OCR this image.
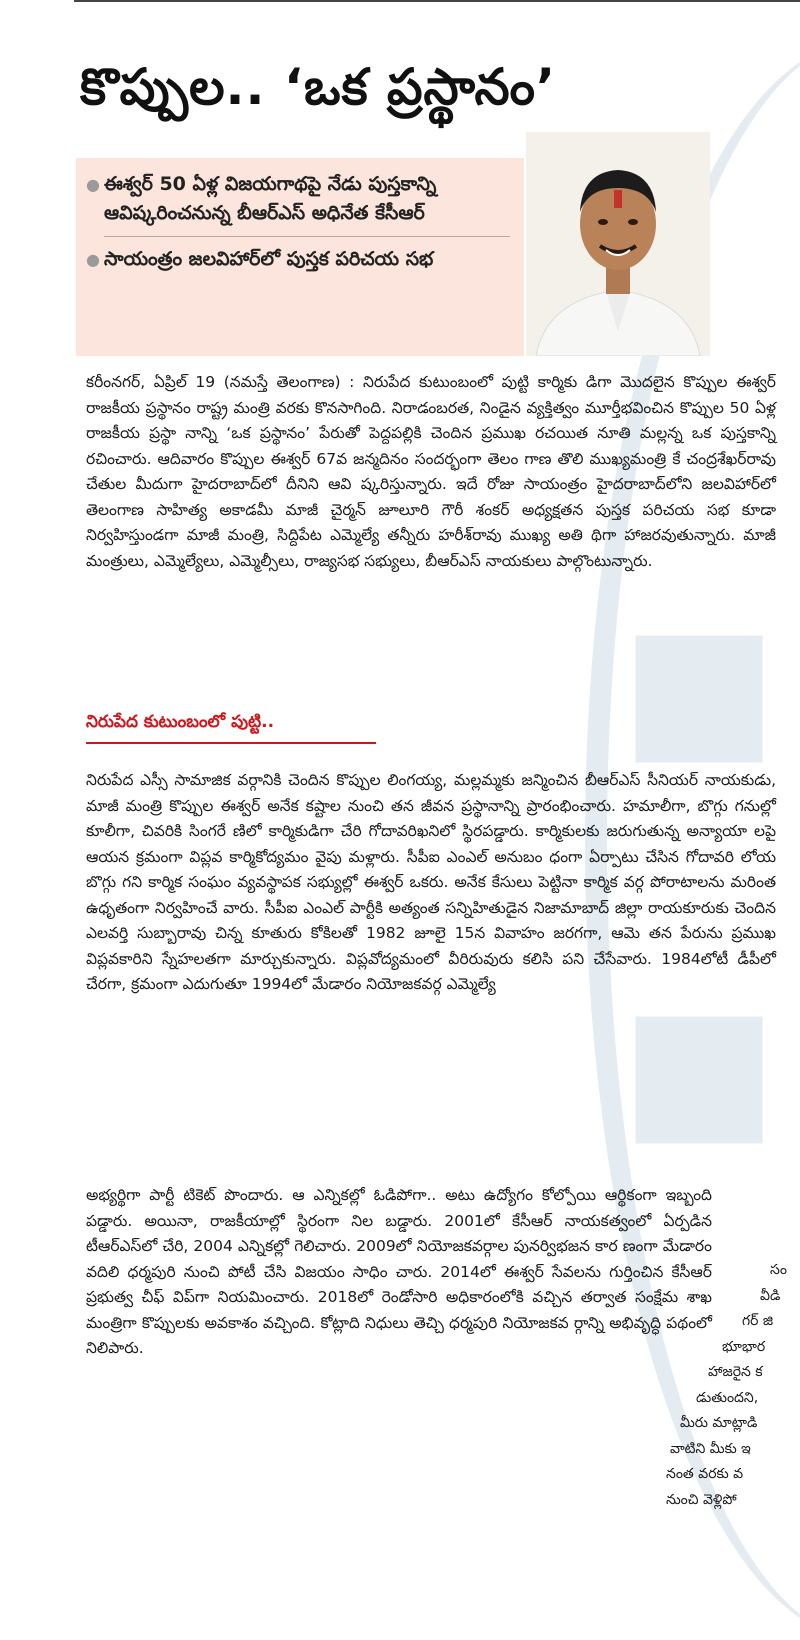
కొప్పుల.. ‘ఒక ప్రస్థానం’
● ఈశ్వర్ 50 ఏళ్ల విజయగాథపై నేడు పుస్తకాన్ని ఆవిష్కరించనున్న బీఆర్ఎస్ అధినేత కేసీఆర్
● సాయంత్రం జలవిహార్‌లో పుస్తక పరిచయ సభ

కరీంనగర్, ఏప్రిల్ 19 (నమస్తే తెలంగాణ) : నిరుపేద కుటుంబంలో పుట్టి కార్మికు డిగా మొదలైన కొప్పుల ఈశ్వర్ రాజకీయ ప్రస్థానం రాష్ట్ర మంత్రి వరకు కొనసాగింది. నిరాడంబరత, నిండైన వ్యక్తిత్వం మూర్తీభవించిన కొప్పుల 50 ఏళ్ల రాజకీయ ప్రస్థా నాన్ని ‘ఒక ప్రస్థానం’ పేరుతో పెద్దపల్లికి చెందిన ప్రముఖ రచయిత నూతి మల్లన్న ఒక పుస్తకాన్ని రచించారు. ఆదివారం కొప్పుల ఈశ్వర్ 67వ జన్మదినం సందర్భంగా తెలం గాణ తొలి ముఖ్యమంత్రి కే చంద్రశేఖర్‌రావు చేతుల మీదుగా హైదరాబాద్‌లో దీనిని ఆవి ష్కరిస్తున్నారు. ఇదే రోజు సాయంత్రం హైదరాబాద్‌లోని జలవిహార్‌లో తెలంగాణ సాహిత్య అకాడమీ మాజీ చైర్మన్ జూలూరి గౌరీ శంకర్ అధ్యక్షతన పుస్తక పరిచయ సభ కూడా నిర్వహిస్తుండగా మాజీ మంత్రి, సిద్దిపేట ఎమ్మెల్యే తన్నీరు హరీశ్‌రావు ముఖ్య అతి థిగా హాజరవుతున్నారు. మాజీ మంత్రులు, ఎమ్మెల్యేలు, ఎమ్మెల్సీలు, రాజ్యసభ సభ్యులు, బీఆర్ఎస్ నాయకులు పాల్గొంటున్నారు.

నిరుపేద కుటుంబంలో పుట్టి..

నిరుపేద ఎస్సీ సామాజిక వర్గానికి చెందిన కొప్పుల లింగయ్య, మల్లమ్మకు జన్మించిన బీఆర్ఎస్ సీనియర్ నాయకుడు, మాజీ మంత్రి కొప్పుల ఈశ్వర్ అనేక కష్టాల నుంచి తన జీవన ప్రస్థానాన్ని ప్రారంభించారు. హమాలీగా, బొగ్గు గనుల్లో కూలీగా, చివరికి సింగరే ణిలో కార్మికుడిగా చేరి గోదావరిఖనిలో స్థిరపడ్డారు. కార్మికులకు జరుగుతున్న అన్యాయా లపై ఆయన క్రమంగా విప్లవ కార్మికోద్యమం వైపు మళ్లారు. సీపీఐ ఎంఎల్ అనుబం ధంగా ఏర్పాటు చేసిన గోదావరి లోయ బొగ్గు గని కార్మిక సంఘం వ్యవస్థాపక సభ్యుల్లో ఈశ్వర్ ఒకరు. అనేక కేసులు పెట్టినా కార్మిక వర్గ పోరాటాలను మరింత ఉధృతంగా నిర్వహించే వారు. సీపీఐ ఎంఎల్ పార్టీకి అత్యంత సన్నిహితుడైన నిజామాబాద్ జిల్లా రాయకూరుకు చెందిన ఎలవర్తి సుబ్బారావు చిన్న కూతురు కోకిలతో 1982 జూలై 15న వివాహం జరగగా, ఆమె తన పేరును ప్రముఖ విప్లవకారిని స్నేహలతగా మార్చుకున్నారు. విప్లవోద్యమంలో వీరిరువురు కలిసి పని చేసేవారు. 1984లోటీ డీపీలో చేరగా, క్రమంగా ఎదుగుతూ 1994లో మేడారం నియోజకవర్గ ఎమ్మెల్యే

అభ్యర్థిగా పార్టీ టికెట్ పొందారు. ఆ ఎన్నికల్లో ఓడిపోగా.. అటు ఉద్యోగం కోల్పోయి ఆర్థికంగా ఇబ్బంది పడ్డారు. అయినా, రాజకీయాల్లో స్థిరంగా నిల బడ్డారు. 2001లో కేసీఆర్ నాయకత్వంలో ఏర్పడిన టీఆర్ఎస్‌లో చేరి, 2004 ఎన్నికల్లో గెలిచారు. 2009లో నియోజకవర్గాల పునర్విభజన కార ణంగా మేడారం వదిలి ధర్మపురి నుంచి పోటీ చేసి విజయం సాధిం చారు. 2014లో ఈశ్వర్ సేవలను గుర్తించిన కేసీఆర్ ప్రభుత్వ చీఫ్ విప్‌గా నియమించారు. 2018లో రెండోసారి అధికారంలోకి వచ్చిన తర్వాత సంక్షేమ శాఖ మంత్రిగా కొప్పులకు అవకాశం వచ్చింది. కోట్లాది నిధులు తెచ్చి ధర్మపురి నియోజకవ ర్గాన్ని అభివృద్ధి పథంలో నిలిపారు.

సం
వీడి
గర్ జి
భూభార
హాజరైన క
డుతుందని,
మీరు మాట్లాడి
వాటిని మీకు ఇ
నంత వరకు వ
నుంచి వెళ్లిపో
